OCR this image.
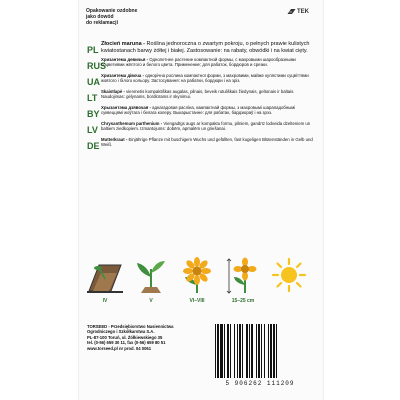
Opakowanie ozdobne
jako dowód
do reklamacji
TEK
PL
Złocień maruna - Roślina jednoroczna o zwartym pokroju, o pełnych prawie kulistych kwiatostanach barwy żółtej i białej. Zastosowanie: na rabaty, obwódki i na kwiat cięty.
RUS
Хризантема девичья - Однолетнее растение компактной формы, с махровыми шарообразными соцветиями жёлтого и белого цвета. Применение: для рабаток, бордюров и срезки.
UA
Хризантема дівоча - однорічна рослина компактної форми, з махровими, майже кулястими суцвіттями жовтого і білого кольору. Застосування: на рабатки, бордюри і на зріз.
LT
Skaistlapė - vienmetis kompaktiškas augalas, pilnais, beveik rutuliškais žiedynais, geltonais ir baltais. Naudojimas: gėlynams, bordiūrams ir skynimui.
BY
Хрызантэма дзявочая - аднагадовая расліна, кампактнай формы, з махровымі шарападобнымі суквеццямі жоўтага і белага колеру. Выкарыстанне: для рабатак, бардзюраў і на зрэз.
LV
Chrysanthemum parthenium - Viengadīgs augs ar kompaktu formu, pilniem, gandrīz lodveida dzelteniem un baltiem ziedkopiem. Izmantojums: dobēm, apmalēm un griešanai.
DE
Mutterkraut - Einjährige Pflanze mit buschigem Wuchs und gefüllten, fast kugeligen Blütenständen in Gelb und Weiß.
IV	V	VI–VIII	15–25 cm
TORSEED - Przedsiębiorstwo Nasiennictwa
Ogrodniczego i Szkółkarstwa S.A.
PL-87-100 Toruń, ul. Żółkiewskiego 35
tel. (0-56) 659 30 11, fax (0-56) 659 80 51
www.torseed.pl nr prod. 04 0061
5 906262 111209
